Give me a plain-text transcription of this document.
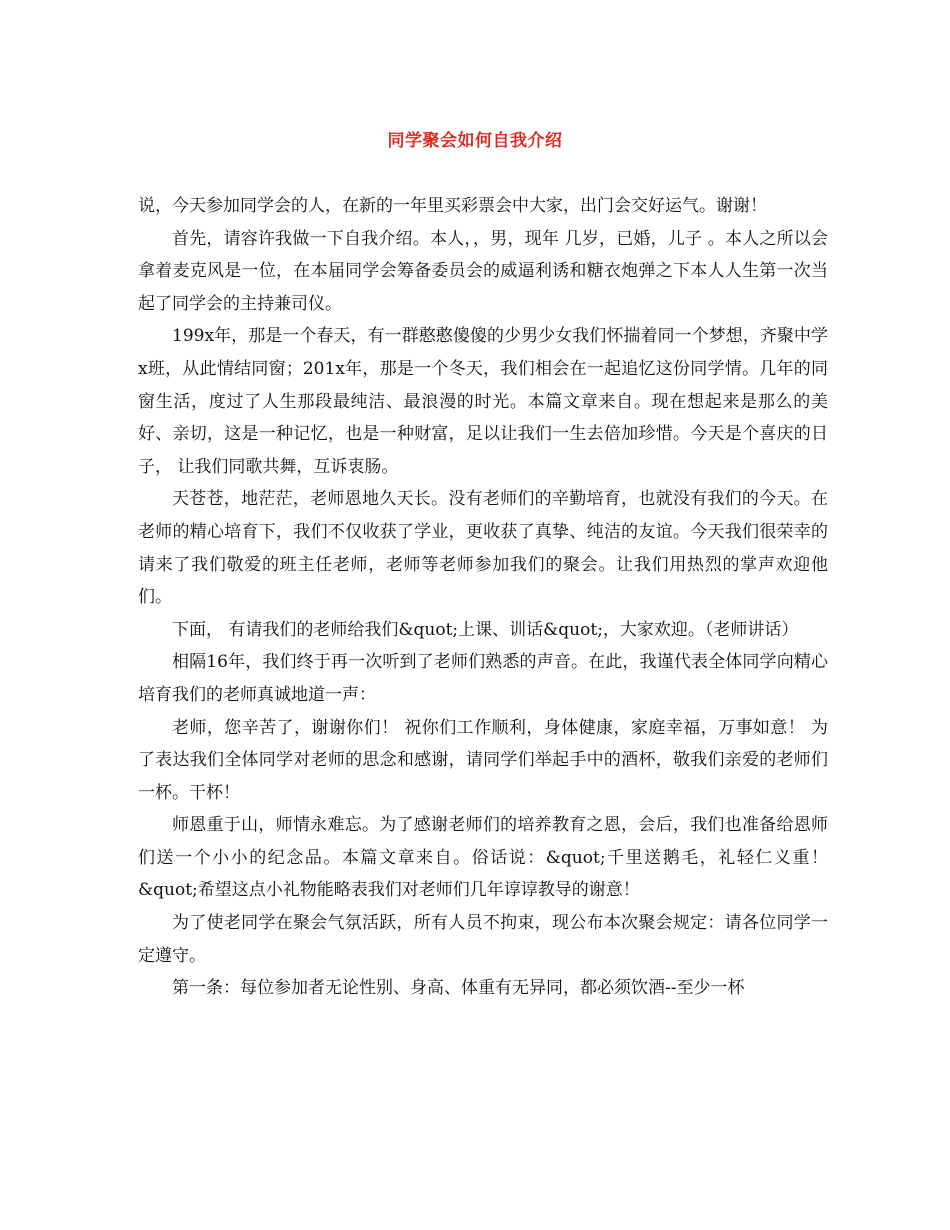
同学聚会如何自我介绍

说，今天参加同学会的人，在新的一年里买彩票会中大家，出门会交好运气。谢谢！

首先，请容许我做一下自我介绍。本人，，男，现年 几岁，已婚，儿子 。本人之所以会拿着麦克风是一位，在本届同学会筹备委员会的威逼利诱和糖衣炮弹之下本人人生第一次当起了同学会的主持兼司仪。

199x年，那是一个春天，有一群憨憨傻傻的少男少女我们怀揣着同一个梦想，齐聚中学x班，从此情结同窗；201x年，那是一个冬天，我们相会在一起追忆这份同学情。几年的同窗生活，度过了人生那段最纯洁、最浪漫的时光。本篇文章来自。现在想起来是那么的美好、亲切，这是一种记忆，也是一种财富，足以让我们一生去倍加珍惜。今天是个喜庆的日子， 让我们同歌共舞，互诉衷肠。

天苍苍，地茫茫，老师恩地久天长。没有老师们的辛勤培育，也就没有我们的今天。在老师的精心培育下，我们不仅收获了学业，更收获了真挚、纯洁的友谊。今天我们很荣幸的请来了我们敬爱的班主任老师，老师等老师参加我们的聚会。让我们用热烈的掌声欢迎他们。

下面， 有请我们的老师给我们&quot;上课、训话&quot;，大家欢迎。（老师讲话）

相隔16年，我们终于再一次听到了老师们熟悉的声音。在此，我谨代表全体同学向精心培育我们的老师真诚地道一声：

老师，您辛苦了，谢谢你们！ 祝你们工作顺利，身体健康，家庭幸福，万事如意！ 为了表达我们全体同学对老师的思念和感谢，请同学们举起手中的酒杯，敬我们亲爱的老师们一杯。干杯！

师恩重于山，师情永难忘。为了感谢老师们的培养教育之恩，会后，我们也准备给恩师们送一个小小的纪念品。本篇文章来自。俗话说：&quot;千里送鹅毛，礼轻仁义重！&quot;希望这点小礼物能略表我们对老师们几年谆谆教导的谢意！

为了使老同学在聚会气氛活跃，所有人员不拘束，现公布本次聚会规定：请各位同学一定遵守。

第一条：每位参加者无论性别、身高、体重有无异同，都必须饮酒--至少一杯
